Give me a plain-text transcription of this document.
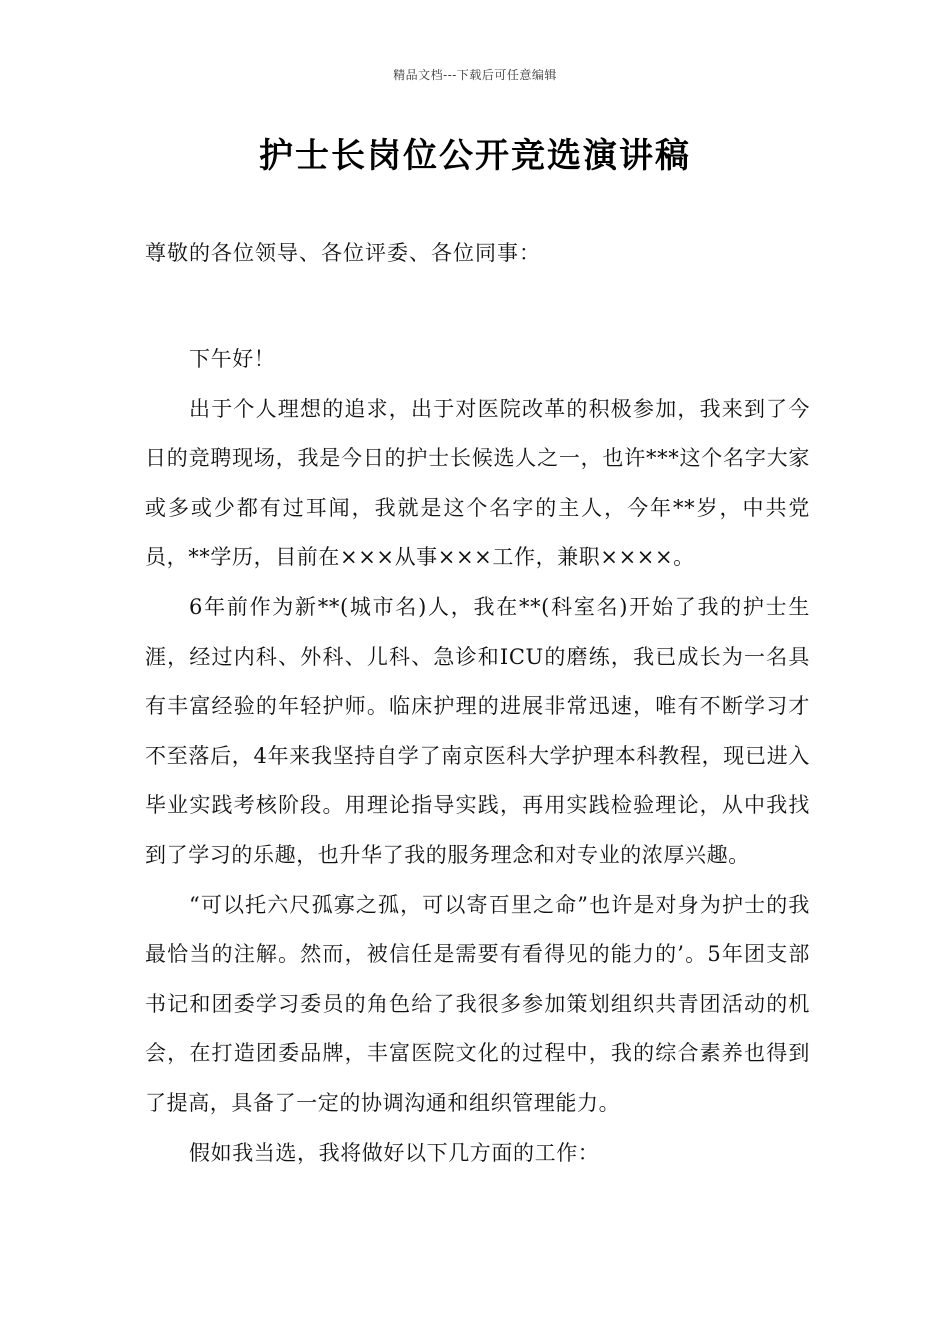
精品文档---下载后可任意编辑
护士长岗位公开竞选演讲稿

尊敬的各位领导、各位评委、各位同事：

下午好！

出于个人理想的追求，出于对医院改革的积极参加，我来到了今日的竞聘现场，我是今日的护士长候选人之一，也许***这个名字大家或多或少都有过耳闻，我就是这个名字的主人，今年**岁，中共党员，**学历，目前在×××从事×××工作，兼职××××。

6年前作为新**(城市名)人，我在**(科室名)开始了我的护士生涯，经过内科、外科、儿科、急诊和ICU的磨练，我已成长为一名具有丰富经验的年轻护师。临床护理的进展非常迅速，唯有不断学习才不至落后，4年来我坚持自学了南京医科大学护理本科教程，现已进入毕业实践考核阶段。用理论指导实践，再用实践检验理论，从中我找到了学习的乐趣，也升华了我的服务理念和对专业的浓厚兴趣。

“可以托六尺孤寡之孤，可以寄百里之命”也许是对身为护士的我最恰当的注解。然而，被信任是需要有看得见的能力的’。5年团支部书记和团委学习委员的角色给了我很多参加策划组织共青团活动的机会，在打造团委品牌，丰富医院文化的过程中，我的综合素养也得到了提高，具备了一定的协调沟通和组织管理能力。

假如我当选，我将做好以下几方面的工作：
